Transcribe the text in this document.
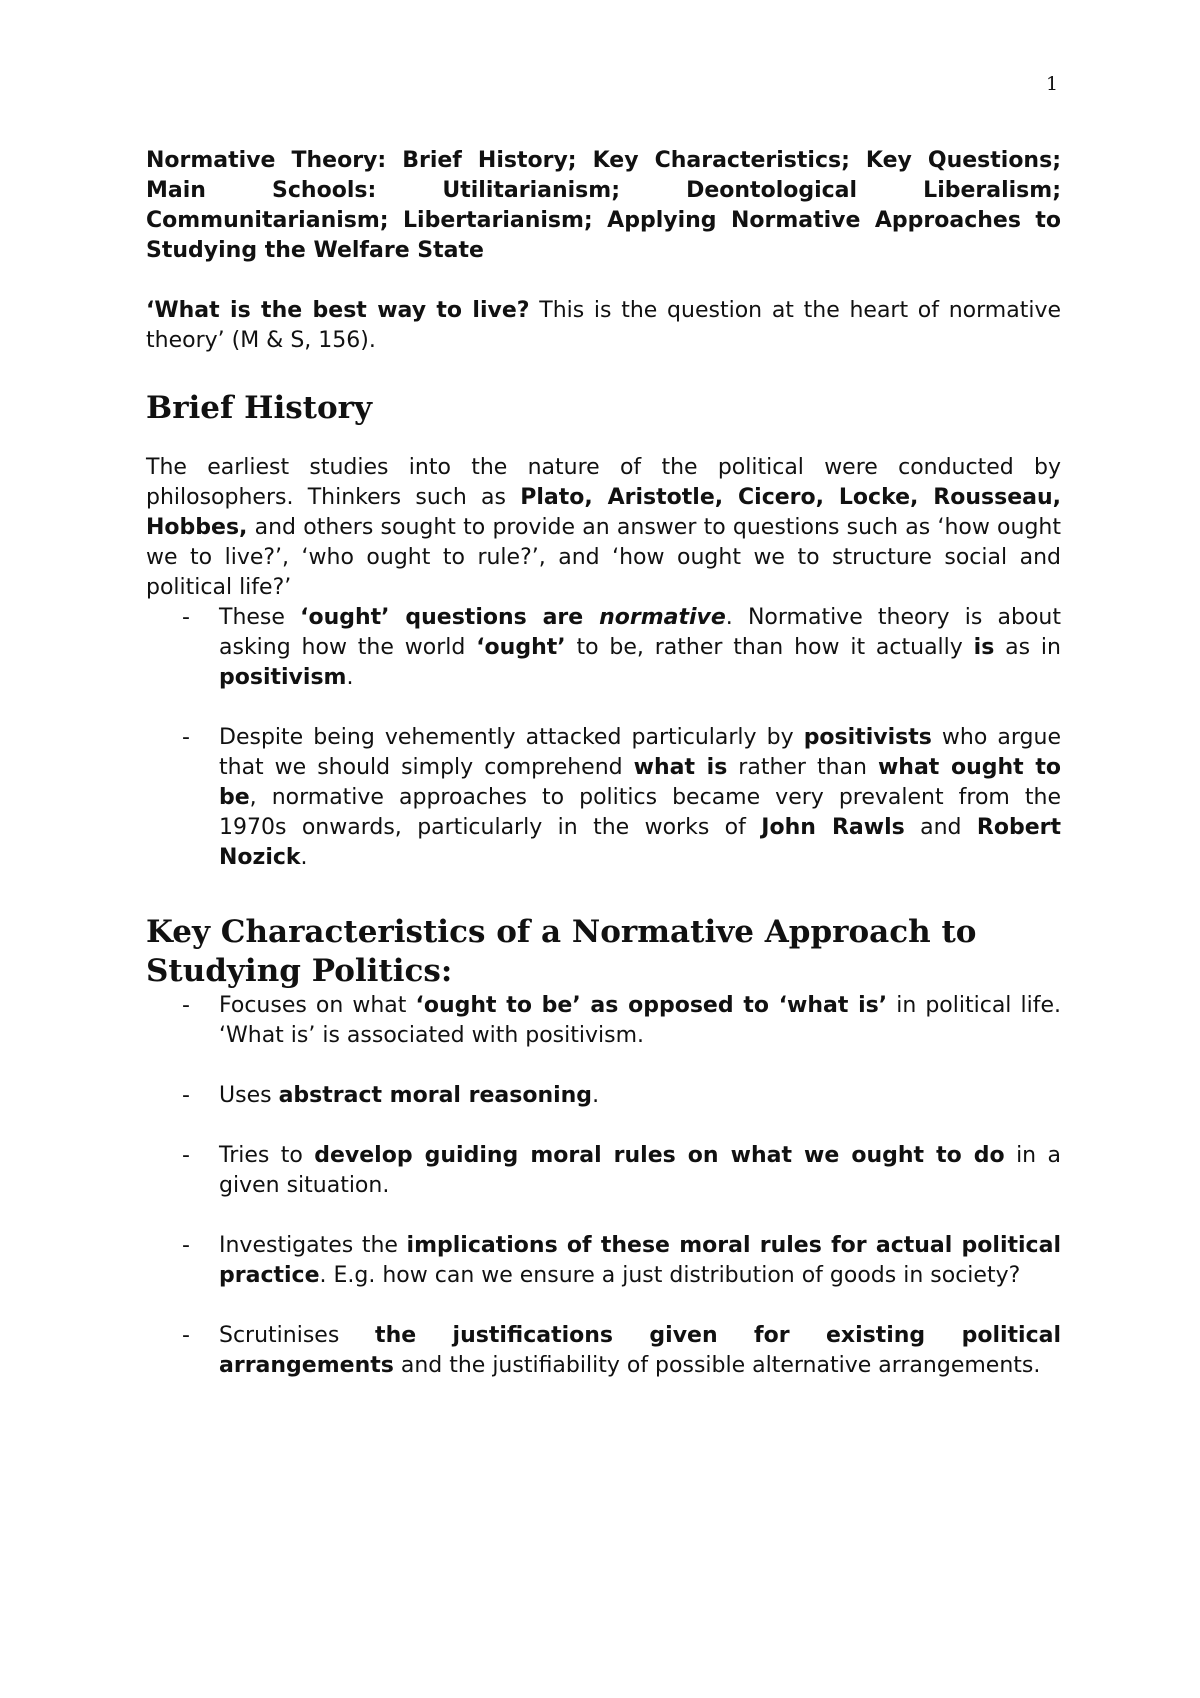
1

Normative Theory: Brief History; Key Characteristics; Key Questions; Main Schools: Utilitarianism; Deontological Liberalism; Communitarianism; Libertarianism; Applying Normative Approaches to Studying the Welfare State

‘What is the best way to live? This is the question at the heart of normative theory’ (M & S, 156).

Brief History

The earliest studies into the nature of the political were conducted by philosophers. Thinkers such as Plato, Aristotle, Cicero, Locke, Rousseau, Hobbes, and others sought to provide an answer to questions such as ‘how ought we to live?’, ‘who ought to rule?’, and ‘how ought we to structure social and political life?’

- These ‘ought’ questions are normative. Normative theory is about asking how the world ‘ought’ to be, rather than how it actually is as in positivism.
- Despite being vehemently attacked particularly by positivists who argue that we should simply comprehend what is rather than what ought to be, normative approaches to politics became very prevalent from the 1970s onwards, particularly in the works of John Rawls and Robert Nozick.
Key Characteristics of a Normative Approach to Studying Politics:
- Focuses on what ‘ought to be’ as opposed to ‘what is’ in political life. ‘What is’ is associated with positivism.
- Uses abstract moral reasoning.
- Tries to develop guiding moral rules on what we ought to do in a given situation.
- Investigates the implications of these moral rules for actual political practice. E.g. how can we ensure a just distribution of goods in society?
- Scrutinises the justifications given for existing political arrangements and the justifiability of possible alternative arrangements.
